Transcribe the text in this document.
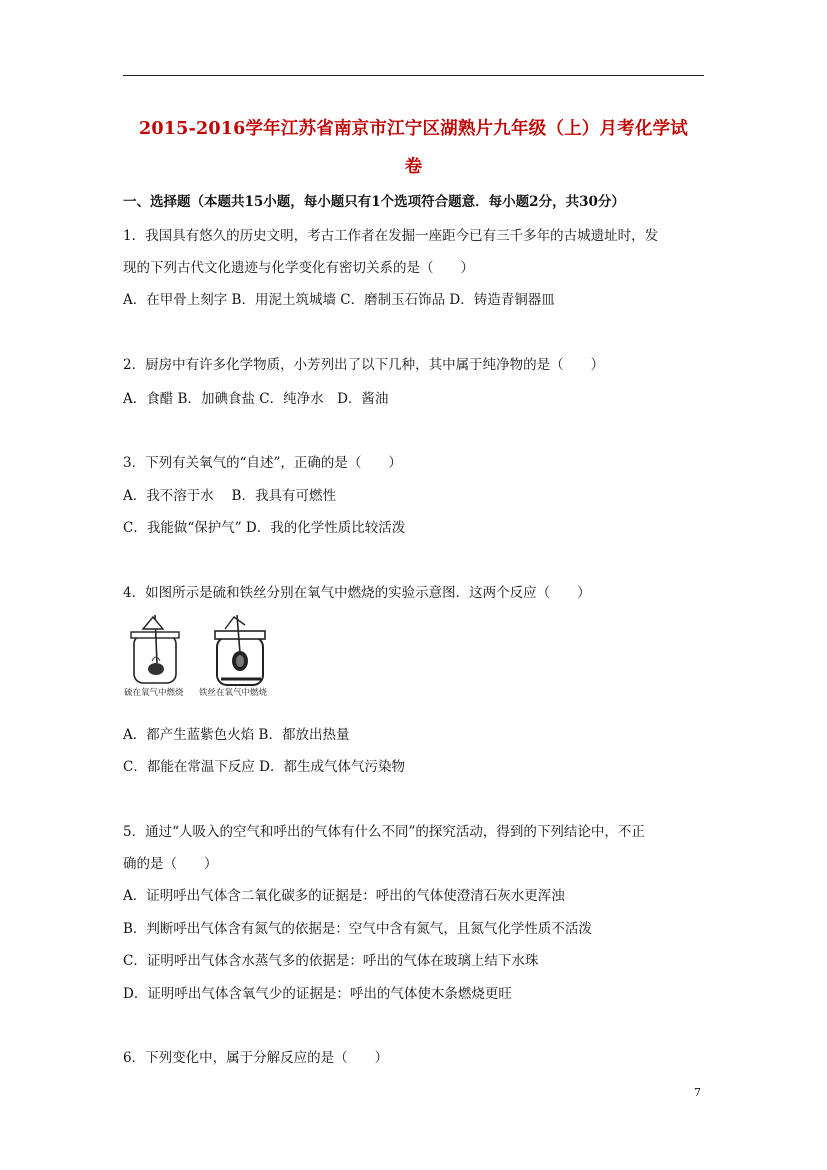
2015-2016学年江苏省南京市江宁区湖熟片九年级（上）月考化学试
卷
一、选择题（本题共15小题，每小题只有1个选项符合题意．每小题2分，共30分）
1．我国具有悠久的历史文明，考古工作者在发掘一座距今已有三千多年的古城遗址时，发
现的下列古代文化遗迹与化学变化有密切关系的是（　　）
A．在甲骨上刻字 B．用泥土筑城墙 C．磨制玉石饰品 D．铸造青铜器皿
2．厨房中有许多化学物质，小芳列出了以下几种，其中属于纯净物的是（　　）
A．食醋 B．加碘食盐 C．纯净水　D．酱油
3．下列有关氧气的“自述”，正确的是（　　）
A．我不溶于水　 B．我具有可燃性
C．我能做“保护气” D．我的化学性质比较活泼
4．如图所示是硫和铁丝分别在氧气中燃烧的实验示意图．这两个反应（　　）
硫在氧气中燃烧 铁丝在氧气中燃烧
A．都产生蓝紫色火焰 B．都放出热量
C．都能在常温下反应 D．都生成气体气污染物
5．通过“人吸入的空气和呼出的气体有什么不同”的探究活动，得到的下列结论中，不正
确的是（　　）
A．证明呼出气体含二氧化碳多的证据是：呼出的气体使澄清石灰水更浑浊
B．判断呼出气体含有氮气的依据是：空气中含有氮气，且氮气化学性质不活泼
C．证明呼出气体含水蒸气多的依据是：呼出的气体在玻璃上结下水珠
D．证明呼出气体含氧气少的证据是：呼出的气体使木条燃烧更旺
6．下列变化中，属于分解反应的是（　　）
7
